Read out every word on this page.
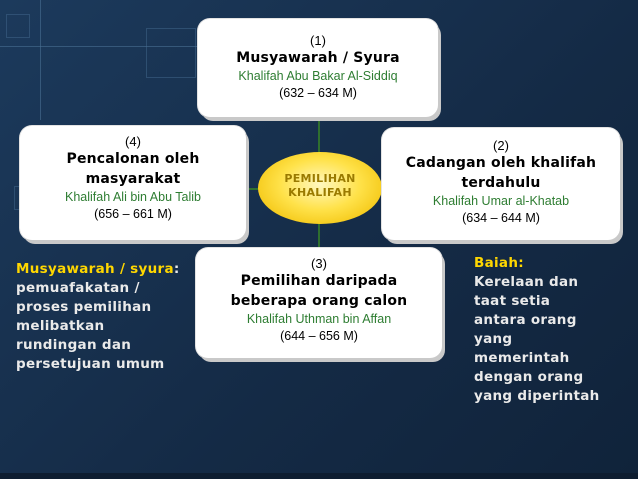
PEMILIHAN
KHALIFAH
(1)
Musyawarah / Syura
Khalifah Abu Bakar Al-Siddiq
(632 – 634 M)
(2)
Cadangan oleh khalifah
terdahulu
Khalifah Umar al-Khatab
(634 – 644 M)
(4)
Pencalonan oleh
masyarakat
Khalifah Ali bin Abu Talib
(656 – 661 M)
(3)
Pemilihan daripada
beberapa orang calon
Khalifah Uthman bin Affan
(644 – 656 M)
Musyawarah / syura:
pemuafakatan /
proses pemilihan
melibatkan
rundingan dan
persetujuan umum
Baiah:
Kerelaan dan
taat setia
antara orang
yang
memerintah
dengan orang
yang diperintah
